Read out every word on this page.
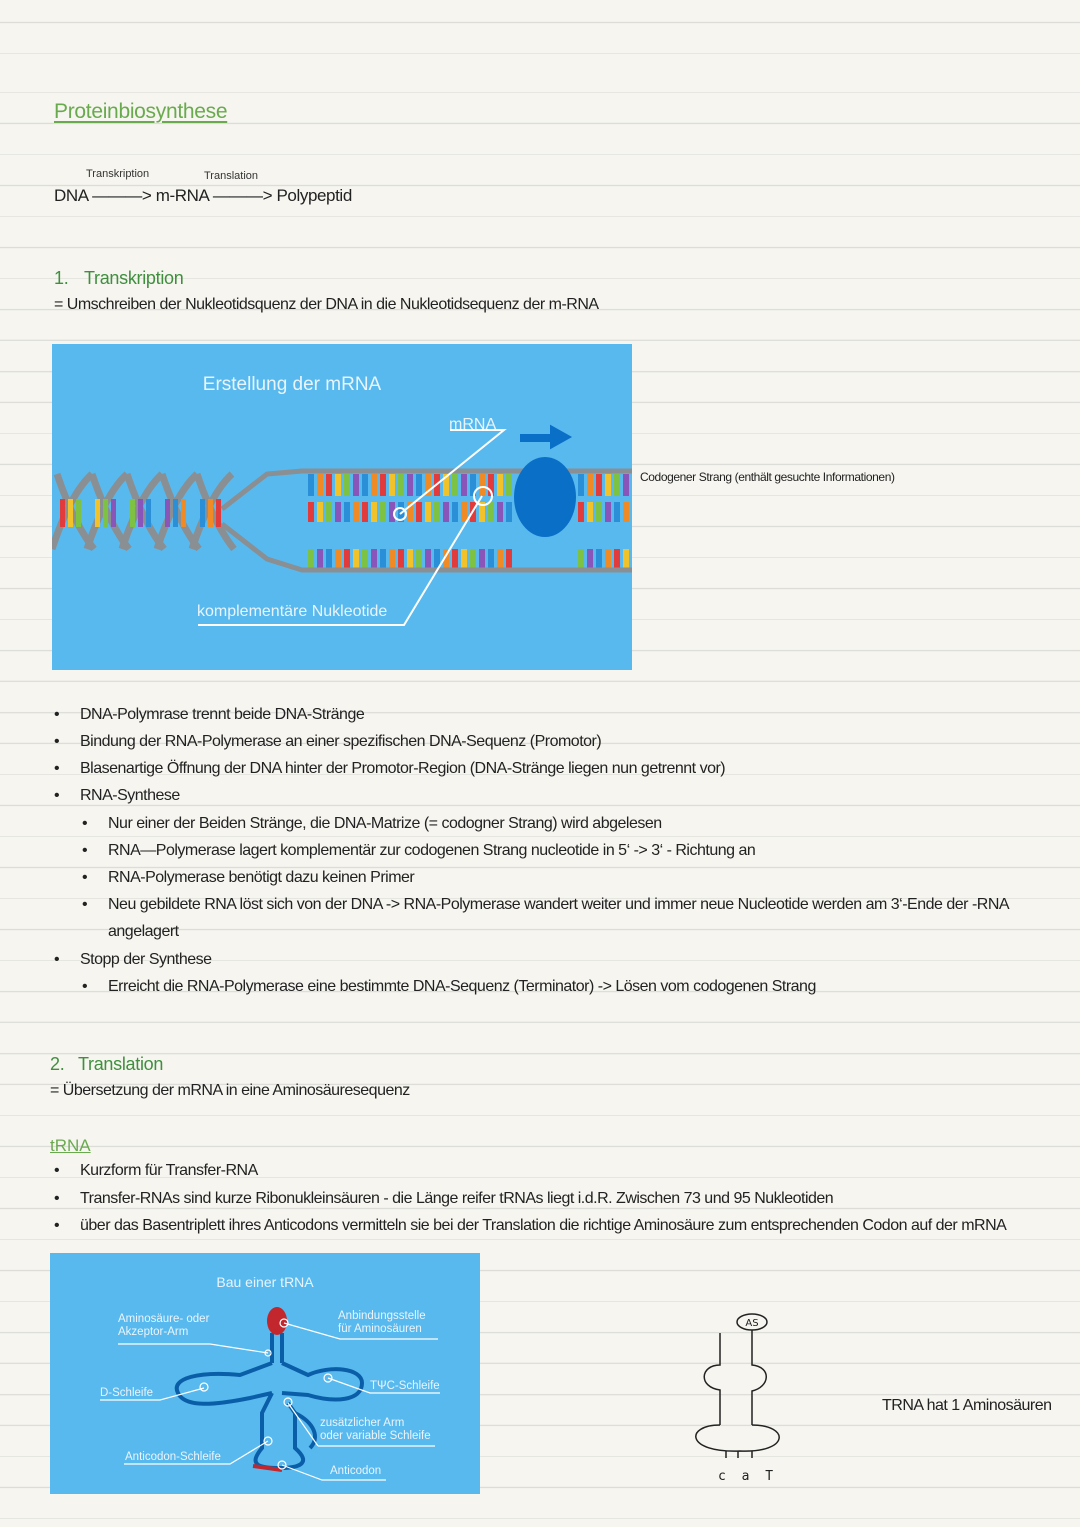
Proteinbiosynthese
Transkription	Translation
DNA ———> m-RNA ———> Polypeptid
1. Transkription
= Umschreiben der Nukleotidsquenz der DNA in die Nukleotidsequenz der m-RNA
Erstellung der mRNA
mRNA
komplementäre Nukleotide
Codogener Strang (enthält gesuchte Informationen)
• DNA-Polymrase trennt beide DNA-Stränge
• Bindung der RNA-Polymerase an einer spezifischen DNA-Sequenz (Promotor)
• Blasenartige Öffnung der DNA hinter der Promotor-Region (DNA-Stränge liegen nun getrennt vor)
• RNA-Synthese
• Nur einer der Beiden Stränge, die DNA-Matrize (= codogner Strang) wird abgelesen
• RNA—Polymerase lagert komplementär zur codogenen Strang nucleotide in 5‘ -> 3‘ - Richtung an
• RNA-Polymerase benötigt dazu keinen Primer
• Neu gebildete RNA löst sich von der DNA -> RNA-Polymerase wandert weiter und immer neue Nucleotide werden am 3‘-Ende der -RNA
angelagert
• Stopp der Synthese
• Erreicht die RNA-Polymerase eine bestimmte DNA-Sequenz (Terminator) -> Lösen vom codogenen Strang
2. Translation
= Übersetzung der mRNA in eine Aminosäuresequenz
tRNA
• Kurzform für Transfer-RNA
• Transfer-RNAs sind kurze Ribonukleinsäuren - die Länge reifer tRNAs liegt i.d.R. Zwischen 73 und 95 Nukleotiden
• über das Basentriplett ihres Anticodons vermitteln sie bei der Translation die richtige Aminosäure zum entsprechenden Codon auf der mRNA
Bau einer tRNA
Aminosäure- oder
Akzeptor-Arm
Anbindungsstelle
für Aminosäuren
D-Schleife
TΨC-Schleife
zusätzlicher Arm
oder variable Schleife
Anticodon-Schleife
Anticodon
AS
c a T
TRNA hat 1 Aminosäuren
